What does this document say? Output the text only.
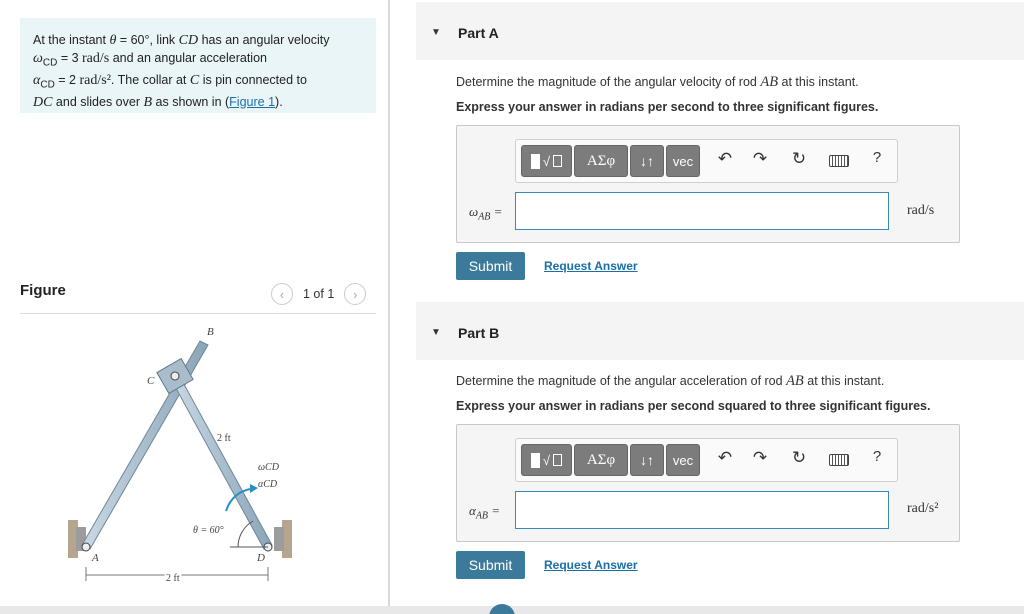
At the instant θ = 60°, link CD has an angular velocity
$\omega_{CD} = 3$ rad/s and an angular acceleration
$\alpha_{CD} = 2$ rad/s². The collar at C is pin connected to
DC and slides over B as shown in (Figure 1).
Figure	‹ 1 of 1 ›
B
C
A	D
2 ft
2 ft
θ = 60°
ωCD
αCD
▼ Part A
Determine the magnitude of the angular velocity of rod AB at this instant.
Express your answer in radians per second to three significant figures.
√	ΑΣφ	↓↑	vec	↶ ↷ ↻	?
$\omega_{AB}$ =	rad/s
Submit	Request Answer
▼ Part B
Determine the magnitude of the angular acceleration of rod AB at this instant.
Express your answer in radians per second squared to three significant figures.
√	ΑΣφ	↓↑	vec	↶ ↷ ↻	?
$\alpha_{AB}$ =	rad/s²
Submit	Request Answer
